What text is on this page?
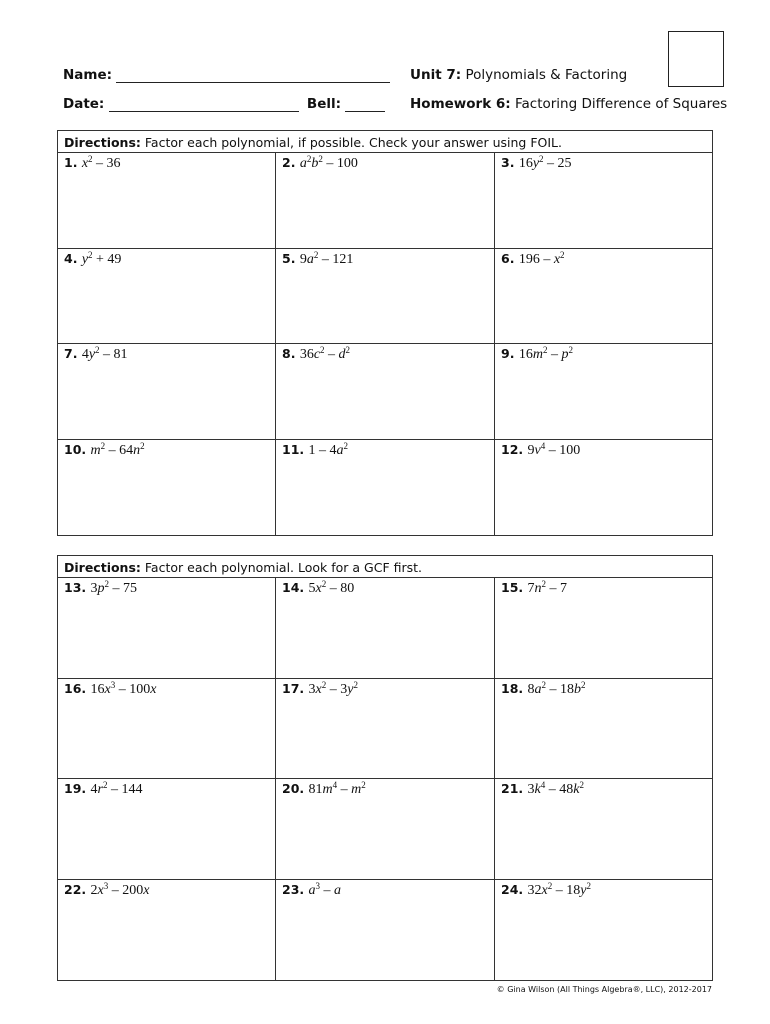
Name:
Date:	Bell:
Unit 7: Polynomials & Factoring
Homework 6: Factoring Difference of Squares
Directions: Factor each polynomial, if possible. Check your answer using FOIL.
1. $x^2 - 36$	2. $a^2b^2 - 100$	3. $16y^2 - 25$
4. $y^2 + 49$	5. $9a^2 - 121$	6. $196 - x^2$
7. $4y^2 - 81$	8. $36c^2 - d^2$	9. $16m^2 - p^2$
10. $m^2 - 64n^2$	11. $1 - 4a^2$	12. $9v^4 - 100$
Directions: Factor each polynomial. Look for a GCF first.
13. $3p^2 - 75$	14. $5x^2 - 80$	15. $7n^2 - 7$
16. $16x^3 - 100x$	17. $3x^2 - 3y^2$	18. $8a^2 - 18b^2$
19. $4r^2 - 144$	20. $81m^4 - m^2$	21. $3k^4 - 48k^2$
22. $2x^3 - 200x$	23. $a^3$ – a	24. $32x^2 - 18y^2$
© Gina Wilson (All Things Algebra®, LLC), 2012-2017
